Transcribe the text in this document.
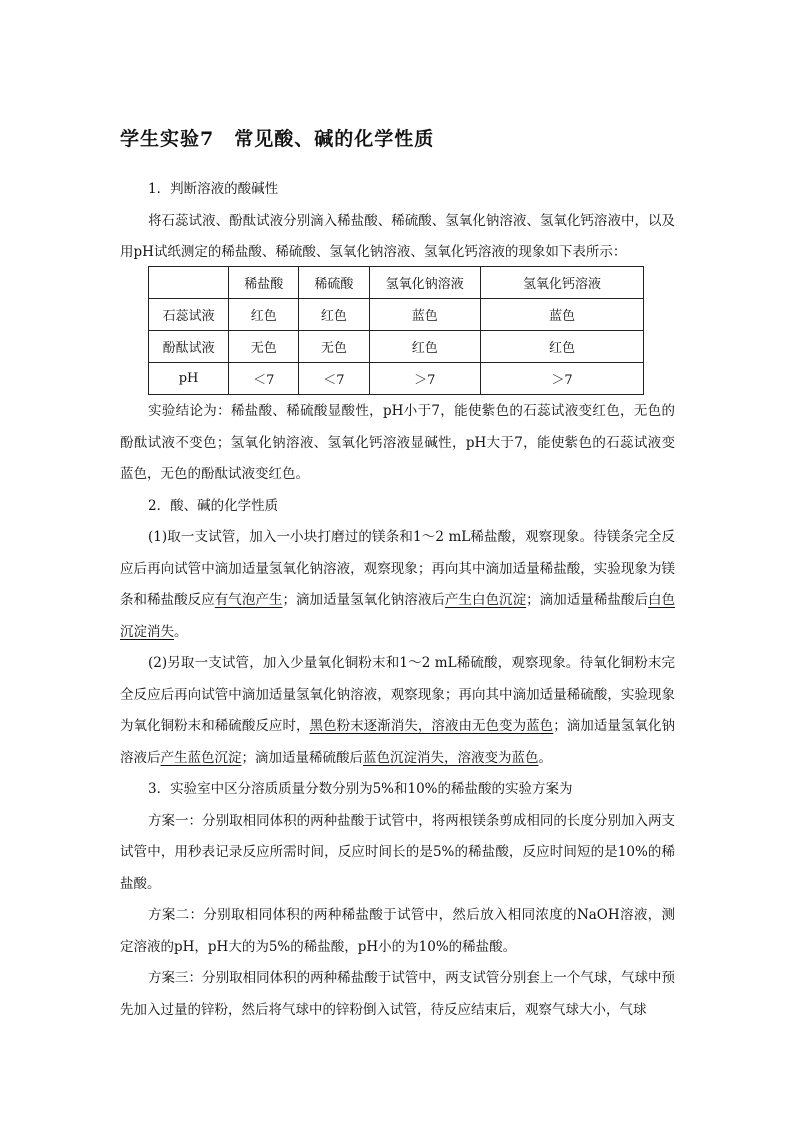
学生实验7　常见酸、碱的化学性质

1．判断溶液的酸碱性

将石蕊试液、酚酞试液分别滴入稀盐酸、稀硫酸、氢氧化钠溶液、氢氧化钙溶液中，以及用pH试纸测定的稀盐酸、稀硫酸、氢氧化钠溶液、氢氧化钙溶液的现象如下表所示：

	稀盐酸	稀硫酸	氢氧化钠溶液	氢氧化钙溶液
石蕊试液	红色	红色	蓝色	蓝色
酚酞试液	无色	无色	红色	红色
pH	＜7	＜7	＞7	＞7

实验结论为：稀盐酸、稀硫酸显酸性，pH小于7，能使紫色的石蕊试液变红色，无色的酚酞试液不变色；氢氧化钠溶液、氢氧化钙溶液显碱性，pH大于7，能使紫色的石蕊试液变蓝色，无色的酚酞试液变红色。

2．酸、碱的化学性质

(1)取一支试管，加入一小块打磨过的镁条和1～2 mL稀盐酸，观察现象。待镁条完全反应后再向试管中滴加适量氢氧化钠溶液，观察现象；再向其中滴加适量稀盐酸，实验现象为镁条和稀盐酸反应有气泡产生；滴加适量氢氧化钠溶液后产生白色沉淀；滴加适量稀盐酸后白色沉淀消失。

(2)另取一支试管，加入少量氧化铜粉末和1～2 mL稀硫酸，观察现象。待氧化铜粉末完全反应后再向试管中滴加适量氢氧化钠溶液，观察现象；再向其中滴加适量稀硫酸，实验现象为氧化铜粉末和稀硫酸反应时，黑色粉末逐渐消失，溶液由无色变为蓝色；滴加适量氢氧化钠溶液后产生蓝色沉淀；滴加适量稀硫酸后蓝色沉淀消失，溶液变为蓝色。

3．实验室中区分溶质质量分数分别为5%和10%的稀盐酸的实验方案为

方案一：分别取相同体积的两种盐酸于试管中，将两根镁条剪成相同的长度分别加入两支试管中，用秒表记录反应所需时间，反应时间长的是5%的稀盐酸，反应时间短的是10%的稀盐酸。

方案二：分别取相同体积的两种稀盐酸于试管中，然后放入相同浓度的NaOH溶液，测定溶液的pH，pH大的为5%的稀盐酸，pH小的为10%的稀盐酸。

方案三：分别取相同体积的两种稀盐酸于试管中，两支试管分别套上一个气球，气球中预先加入过量的锌粉，然后将气球中的锌粉倒入试管，待反应结束后，观察气球大小，气球
